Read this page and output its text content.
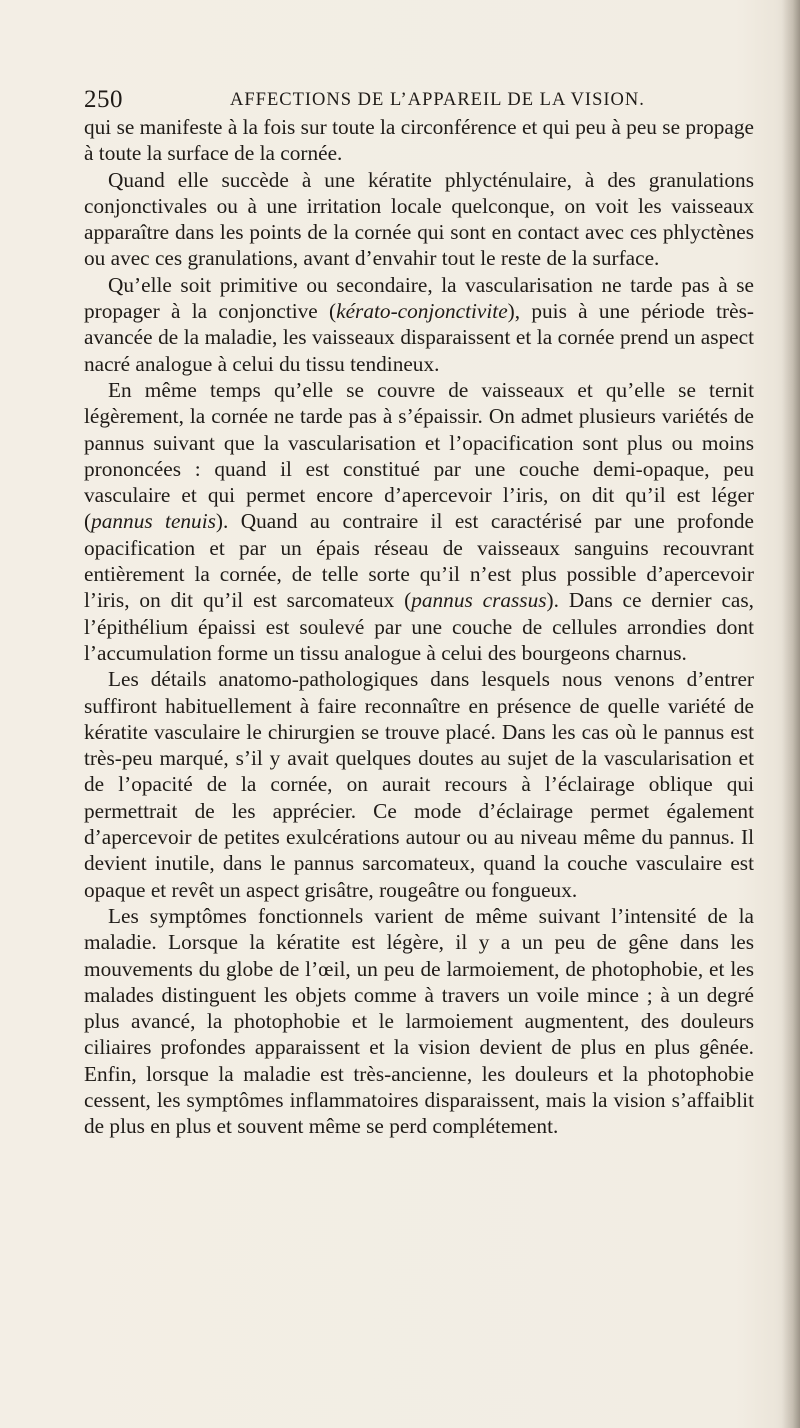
250	AFFECTIONS DE L’APPAREIL DE LA VISION.

qui se manifeste à la fois sur toute la circonférence et qui peu à peu se propage à toute la surface de la cornée.

Quand elle succède à une kératite phlycténulaire, à des granulations conjonctivales ou à une irritation locale quelconque, on voit les vaisseaux apparaître dans les points de la cornée qui sont en contact avec ces phlyctènes ou avec ces granulations, avant d’envahir tout le reste de la surface.

Qu’elle soit primitive ou secondaire, la vascularisation ne tarde pas à se propager à la conjonctive (kérato-conjonctivite), puis à une période très-avancée de la maladie, les vaisseaux disparaissent et la cornée prend un aspect nacré analogue à celui du tissu tendineux.

En même temps qu’elle se couvre de vaisseaux et qu’elle se ternit légèrement, la cornée ne tarde pas à s’épaissir. On admet plusieurs variétés de pannus suivant que la vascularisation et l’opacification sont plus ou moins prononcées : quand il est constitué par une couche demi-opaque, peu vasculaire et qui permet encore d’apercevoir l’iris, on dit qu’il est léger (pannus tenuis). Quand au contraire il est caractérisé par une profonde opacification et par un épais réseau de vaisseaux sanguins recouvrant entièrement la cornée, de telle sorte qu’il n’est plus possible d’apercevoir l’iris, on dit qu’il est sarcomateux (pannus crassus). Dans ce dernier cas, l’épithélium épaissi est soulevé par une couche de cellules arrondies dont l’accumulation forme un tissu analogue à celui des bourgeons charnus.

Les détails anatomo-pathologiques dans lesquels nous venons d’entrer suffiront habituellement à faire reconnaître en présence de quelle variété de kératite vasculaire le chirurgien se trouve placé. Dans les cas où le pannus est très-peu marqué, s’il y avait quelques doutes au sujet de la vascularisation et de l’opacité de la cornée, on aurait recours à l’éclairage oblique qui permettrait de les apprécier. Ce mode d’éclairage permet également d’apercevoir de petites exulcérations autour ou au niveau même du pannus. Il devient inutile, dans le pannus sarcomateux, quand la couche vasculaire est opaque et revêt un aspect grisâtre, rougeâtre ou fongueux.

Les symptômes fonctionnels varient de même suivant l’intensité de la maladie. Lorsque la kératite est légère, il y a un peu de gêne dans les mouvements du globe de l’œil, un peu de larmoiement, de photophobie, et les malades distinguent les objets comme à travers un voile mince ; à un degré plus avancé, la photophobie et le larmoiement augmentent, des douleurs ciliaires profondes apparaissent et la vision devient de plus en plus gênée. Enfin, lorsque la maladie est très-ancienne, les douleurs et la photophobie cessent, les symptômes inflammatoires disparaissent, mais la vision s’affaiblit de plus en plus et souvent même se perd complétement.
